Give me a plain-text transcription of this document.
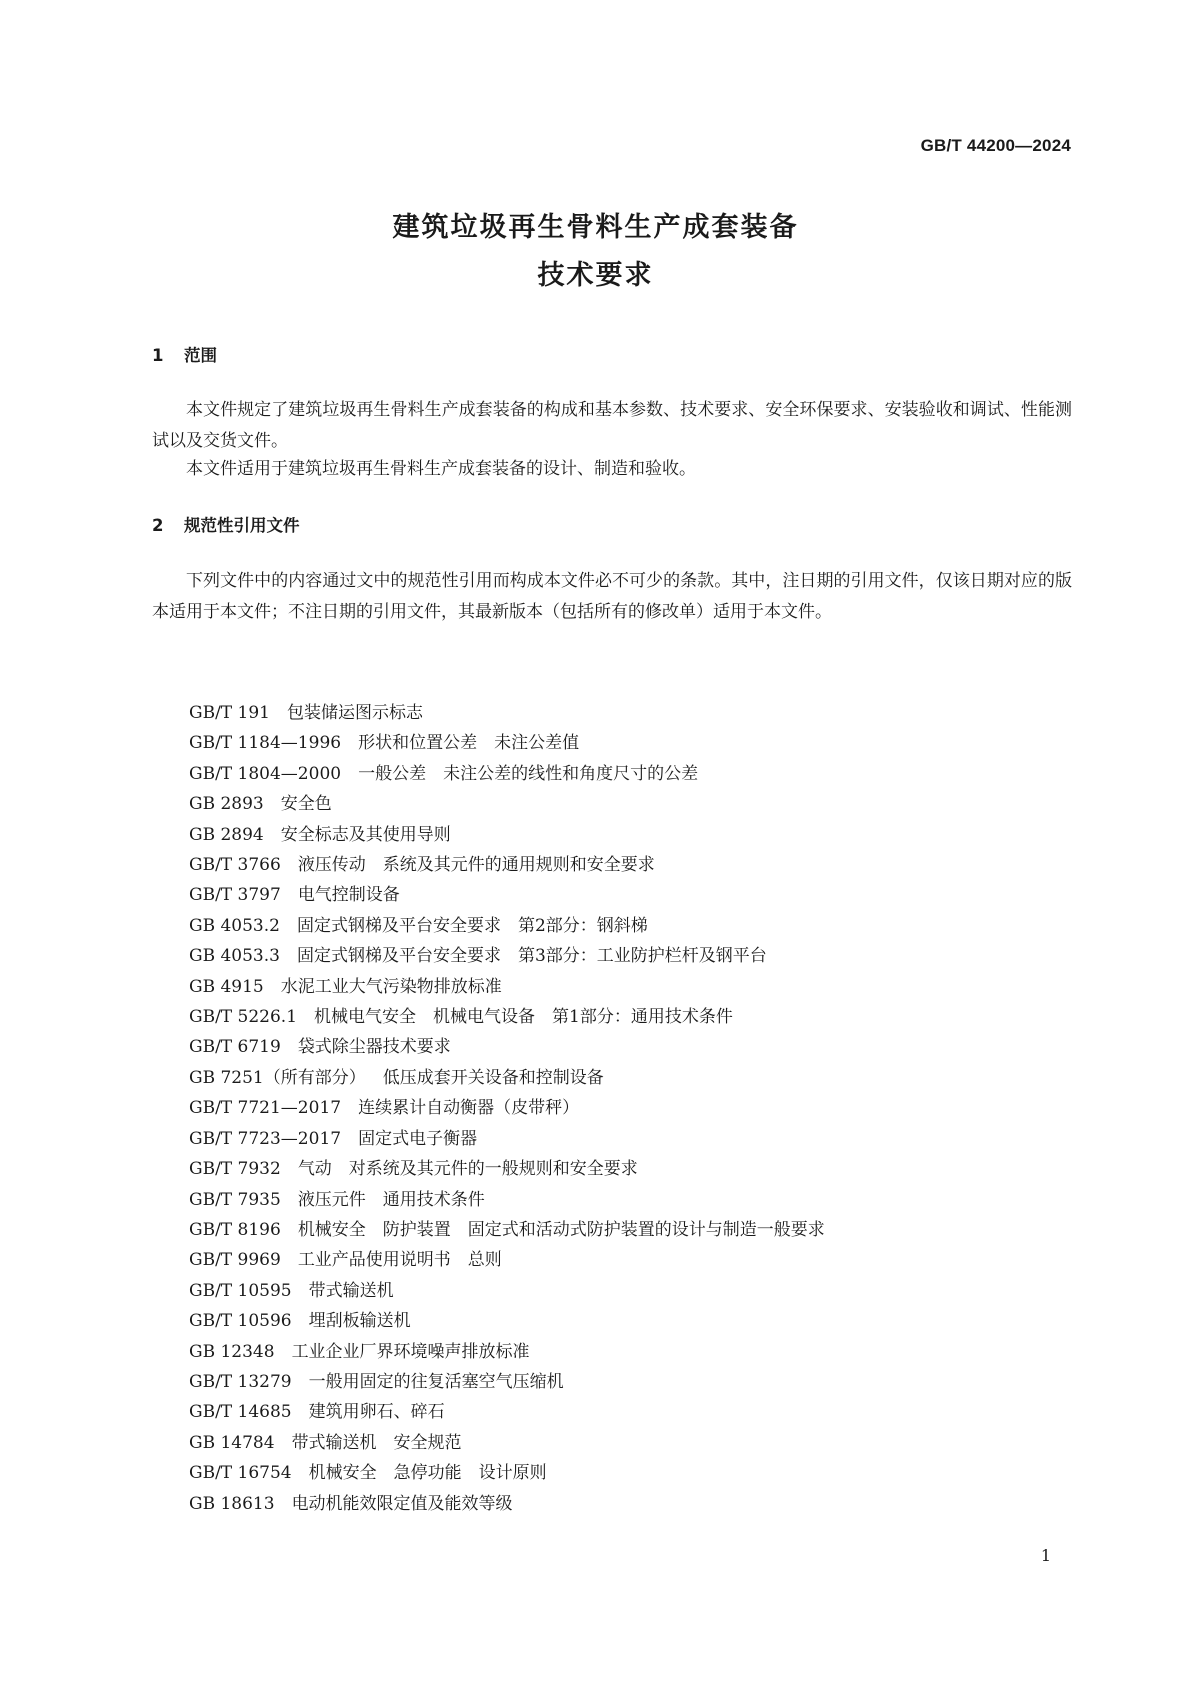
GB/T 44200—2024
建筑垃圾再生骨料生产成套装备
技术要求
1 范围

本文件规定了建筑垃圾再生骨料生产成套装备的构成和基本参数、技术要求、安全环保要求、安装验收和调试、性能测试以及交货文件。

本文件适用于建筑垃圾再生骨料生产成套装备的设计、制造和验收。

2 规范性引用文件

下列文件中的内容通过文中的规范性引用而构成本文件必不可少的条款。其中，注日期的引用文件，仅该日期对应的版本适用于本文件；不注日期的引用文件，其最新版本（包括所有的修改单）适用于本文件。

GB/T 191 包装储运图示标志
GB/T 1184—1996 形状和位置公差　未注公差值
GB/T 1804—2000 一般公差　未注公差的线性和角度尺寸的公差
GB 2893 安全色
GB 2894 安全标志及其使用导则
GB/T 3766 液压传动　系统及其元件的通用规则和安全要求
GB/T 3797 电气控制设备
GB 4053.2 固定式钢梯及平台安全要求　第2部分：钢斜梯
GB 4053.3 固定式钢梯及平台安全要求　第3部分：工业防护栏杆及钢平台
GB 4915 水泥工业大气污染物排放标准
GB/T 5226.1 机械电气安全　机械电气设备　第1部分：通用技术条件
GB/T 6719 袋式除尘器技术要求
GB 7251（所有部分） 低压成套开关设备和控制设备
GB/T 7721—2017 连续累计自动衡器（皮带秤）
GB/T 7723—2017 固定式电子衡器
GB/T 7932 气动　对系统及其元件的一般规则和安全要求
GB/T 7935 液压元件　通用技术条件
GB/T 8196 机械安全　防护装置　固定式和活动式防护装置的设计与制造一般要求
GB/T 9969 工业产品使用说明书　总则
GB/T 10595 带式输送机
GB/T 10596 埋刮板输送机
GB 12348 工业企业厂界环境噪声排放标准
GB/T 13279 一般用固定的往复活塞空气压缩机
GB/T 14685 建筑用卵石、碎石
GB 14784 带式输送机　安全规范
GB/T 16754 机械安全　急停功能　设计原则
GB 18613 电动机能效限定值及能效等级
1
